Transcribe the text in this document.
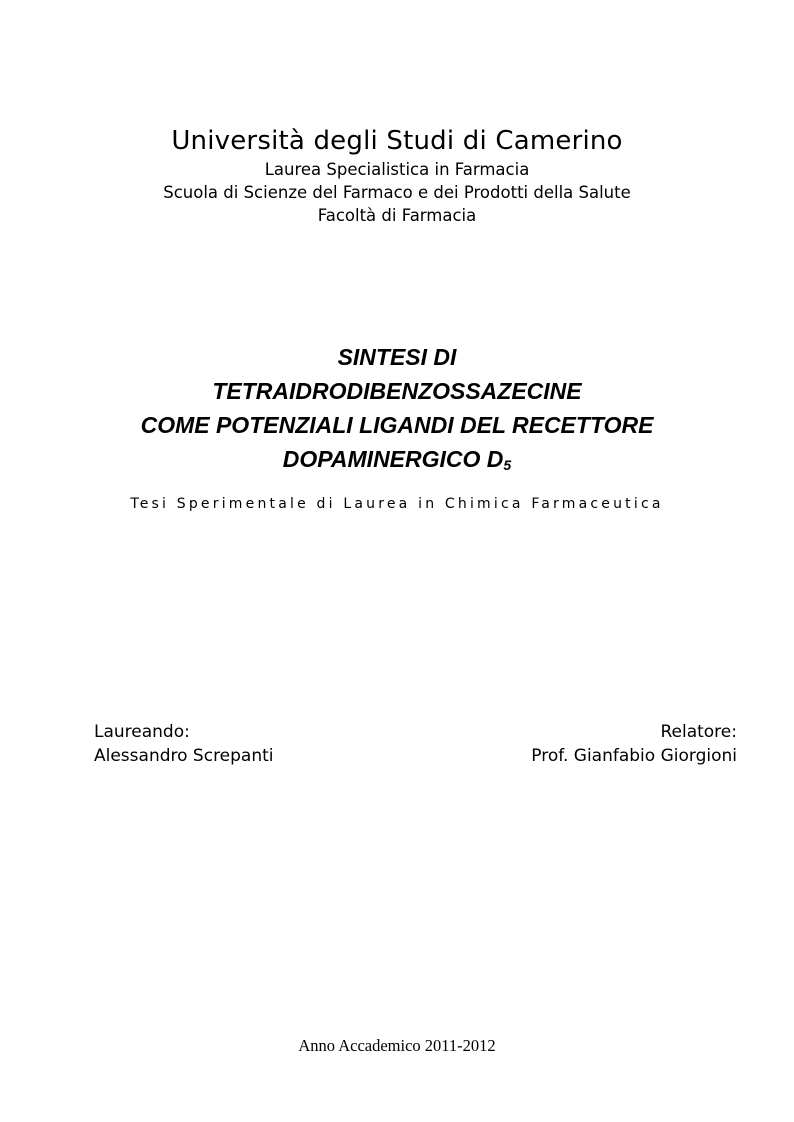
Università degli Studi di Camerino
Laurea Specialistica in Farmacia
Scuola di Scienze del Farmaco e dei Prodotti della Salute
Facoltà di Farmacia
SINTESI DI
TETRAIDRODIBENZOSSAZECINE
COME POTENZIALI LIGANDI DEL RECETTORE
DOPAMINERGICO $D_5$
Tesi Sperimentale di Laurea in Chimica Farmaceutica
Laureando:
Alessandro Screpanti
Relatore:
Prof. Gianfabio Giorgioni
Anno Accademico 2011-2012
